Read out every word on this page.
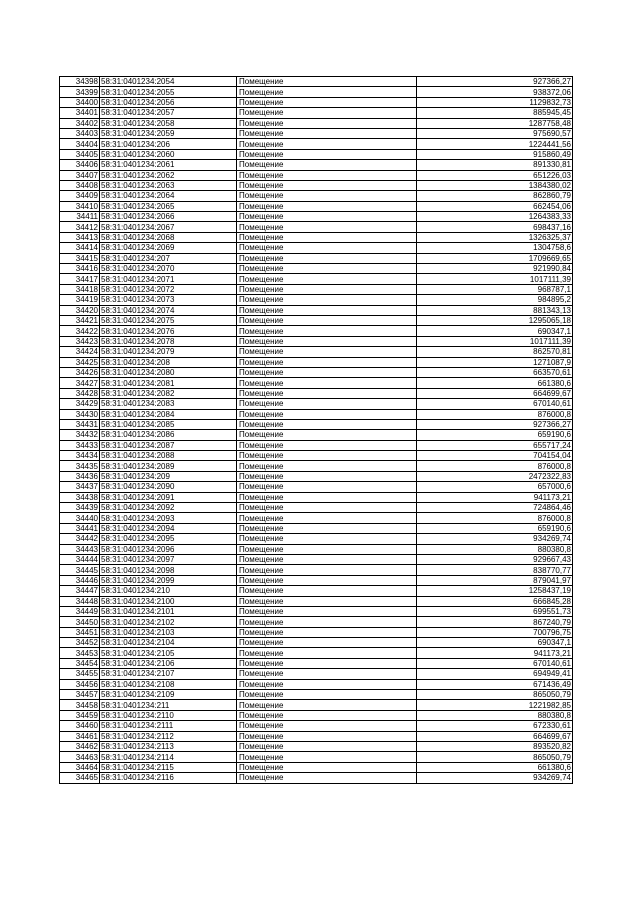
34398	58:31:0401234:2054	Помещение	927366,27
34399	58:31:0401234:2055	Помещение	938372,06
34400	58:31:0401234:2056	Помещение	1129832,73
34401	58:31:0401234:2057	Помещение	885945,45
34402	58:31:0401234:2058	Помещение	1287758,48
34403	58:31:0401234:2059	Помещение	975690,57
34404	58:31:0401234:206	Помещение	1224441,56
34405	58:31:0401234:2060	Помещение	915860,49
34406	58:31:0401234:2061	Помещение	891330,81
34407	58:31:0401234:2062	Помещение	651226,03
34408	58:31:0401234:2063	Помещение	1384380,02
34409	58:31:0401234:2064	Помещение	862860,79
34410	58:31:0401234:2065	Помещение	662454,06
34411	58:31:0401234:2066	Помещение	1264383,33
34412	58:31:0401234:2067	Помещение	698437,16
34413	58:31:0401234:2068	Помещение	1326325,37
34414	58:31:0401234:2069	Помещение	1304758,6
34415	58:31:0401234:207	Помещение	1709669,65
34416	58:31:0401234:2070	Помещение	921990,84
34417	58:31:0401234:2071	Помещение	1017111,39
34418	58:31:0401234:2072	Помещение	968787,1
34419	58:31:0401234:2073	Помещение	984895,2
34420	58:31:0401234:2074	Помещение	881343,13
34421	58:31:0401234:2075	Помещение	1295065,18
34422	58:31:0401234:2076	Помещение	690347,1
34423	58:31:0401234:2078	Помещение	1017111,39
34424	58:31:0401234:2079	Помещение	862570,81
34425	58:31:0401234:208	Помещение	1271087,9
34426	58:31:0401234:2080	Помещение	663570,61
34427	58:31:0401234:2081	Помещение	661380,6
34428	58:31:0401234:2082	Помещение	664699,67
34429	58:31:0401234:2083	Помещение	670140,61
34430	58:31:0401234:2084	Помещение	876000,8
34431	58:31:0401234:2085	Помещение	927366,27
34432	58:31:0401234:2086	Помещение	659190,6
34433	58:31:0401234:2087	Помещение	655717,24
34434	58:31:0401234:2088	Помещение	704154,04
34435	58:31:0401234:2089	Помещение	876000,8
34436	58:31:0401234:209	Помещение	2472322,83
34437	58:31:0401234:2090	Помещение	657000,6
34438	58:31:0401234:2091	Помещение	941173,21
34439	58:31:0401234:2092	Помещение	724864,46
34440	58:31:0401234:2093	Помещение	876000,8
34441	58:31:0401234:2094	Помещение	659190,6
34442	58:31:0401234:2095	Помещение	934269,74
34443	58:31:0401234:2096	Помещение	880380,8
34444	58:31:0401234:2097	Помещение	929667,43
34445	58:31:0401234:2098	Помещение	838770,77
34446	58:31:0401234:2099	Помещение	879041,97
34447	58:31:0401234:210	Помещение	1258437,19
34448	58:31:0401234:2100	Помещение	666845,28
34449	58:31:0401234:2101	Помещение	699551,73
34450	58:31:0401234:2102	Помещение	867240,79
34451	58:31:0401234:2103	Помещение	700796,75
34452	58:31:0401234:2104	Помещение	690347,1
34453	58:31:0401234:2105	Помещение	941173,21
34454	58:31:0401234:2106	Помещение	670140,61
34455	58:31:0401234:2107	Помещение	694949,41
34456	58:31:0401234:2108	Помещение	671436,49
34457	58:31:0401234:2109	Помещение	865050,79
34458	58:31:0401234:211	Помещение	1221982,85
34459	58:31:0401234:2110	Помещение	880380,8
34460	58:31:0401234:2111	Помещение	672330,61
34461	58:31:0401234:2112	Помещение	664699,67
34462	58:31:0401234:2113	Помещение	893520,82
34463	58:31:0401234:2114	Помещение	865050,79
34464	58:31:0401234:2115	Помещение	661380,6
34465	58:31:0401234:2116	Помещение	934269,74
